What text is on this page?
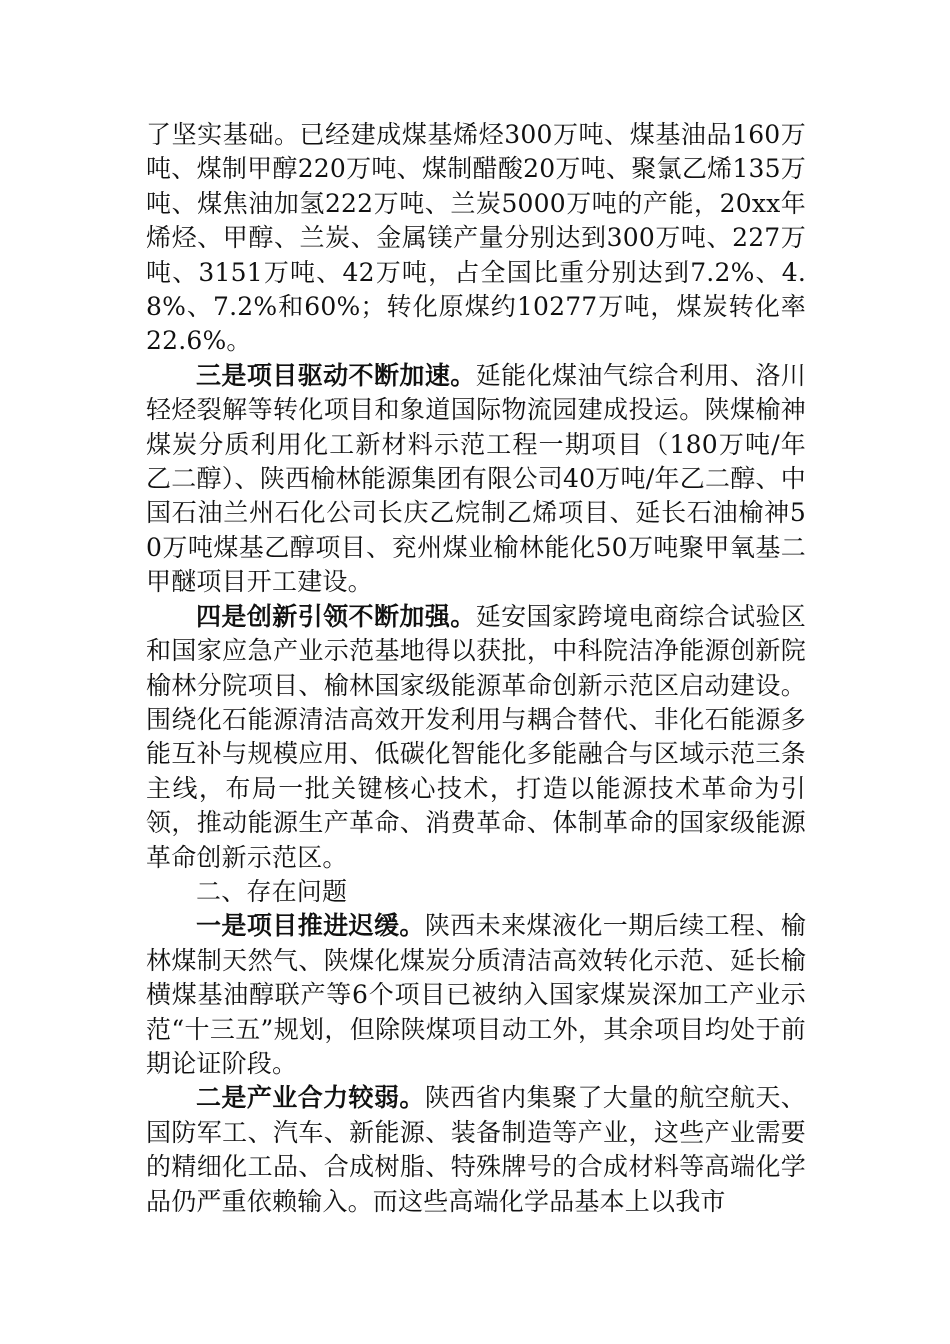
了坚实基础。已经建成煤基烯烃300万吨、煤基油品160万吨、煤制甲醇220万吨、煤制醋酸20万吨、聚氯乙烯135万吨、煤焦油加氢222万吨、兰炭5000万吨的产能，20xx年烯烃、甲醇、兰炭、金属镁产量分别达到300万吨、227万吨、3151万吨、42万吨，占全国比重分别达到7.2%、4.8%、7.2%和60%；转化原煤约10277万吨，煤炭转化率22.6%。

三是项目驱动不断加速。延能化煤油气综合利用、洛川轻烃裂解等转化项目和象道国际物流园建成投运。陕煤榆神煤炭分质利用化工新材料示范工程一期项目（180万吨/年乙二醇）、陕西榆林能源集团有限公司40万吨/年乙二醇、中国石油兰州石化公司长庆乙烷制乙烯项目、延长石油榆神50万吨煤基乙醇项目、兖州煤业榆林能化50万吨聚甲氧基二甲醚项目开工建设。

四是创新引领不断加强。延安国家跨境电商综合试验区和国家应急产业示范基地得以获批，中科院洁净能源创新院榆林分院项目、榆林国家级能源革命创新示范区启动建设。围绕化石能源清洁高效开发利用与耦合替代、非化石能源多能互补与规模应用、低碳化智能化多能融合与区域示范三条主线，布局一批关键核心技术，打造以能源技术革命为引领，推动能源生产革命、消费革命、体制革命的国家级能源革命创新示范区。

二、存在问题

一是项目推进迟缓。陕西未来煤液化一期后续工程、榆林煤制天然气、陕煤化煤炭分质清洁高效转化示范、延长榆横煤基油醇联产等6个项目已被纳入国家煤炭深加工产业示范“十三五”规划，但除陕煤项目动工外，其余项目均处于前期论证阶段。

二是产业合力较弱。陕西省内集聚了大量的航空航天、国防军工、汽车、新能源、装备制造等产业，这些产业需要的精细化工品、合成树脂、特殊牌号的合成材料等高端化学品仍严重依赖输入。而这些高端化学品基本上以我市
